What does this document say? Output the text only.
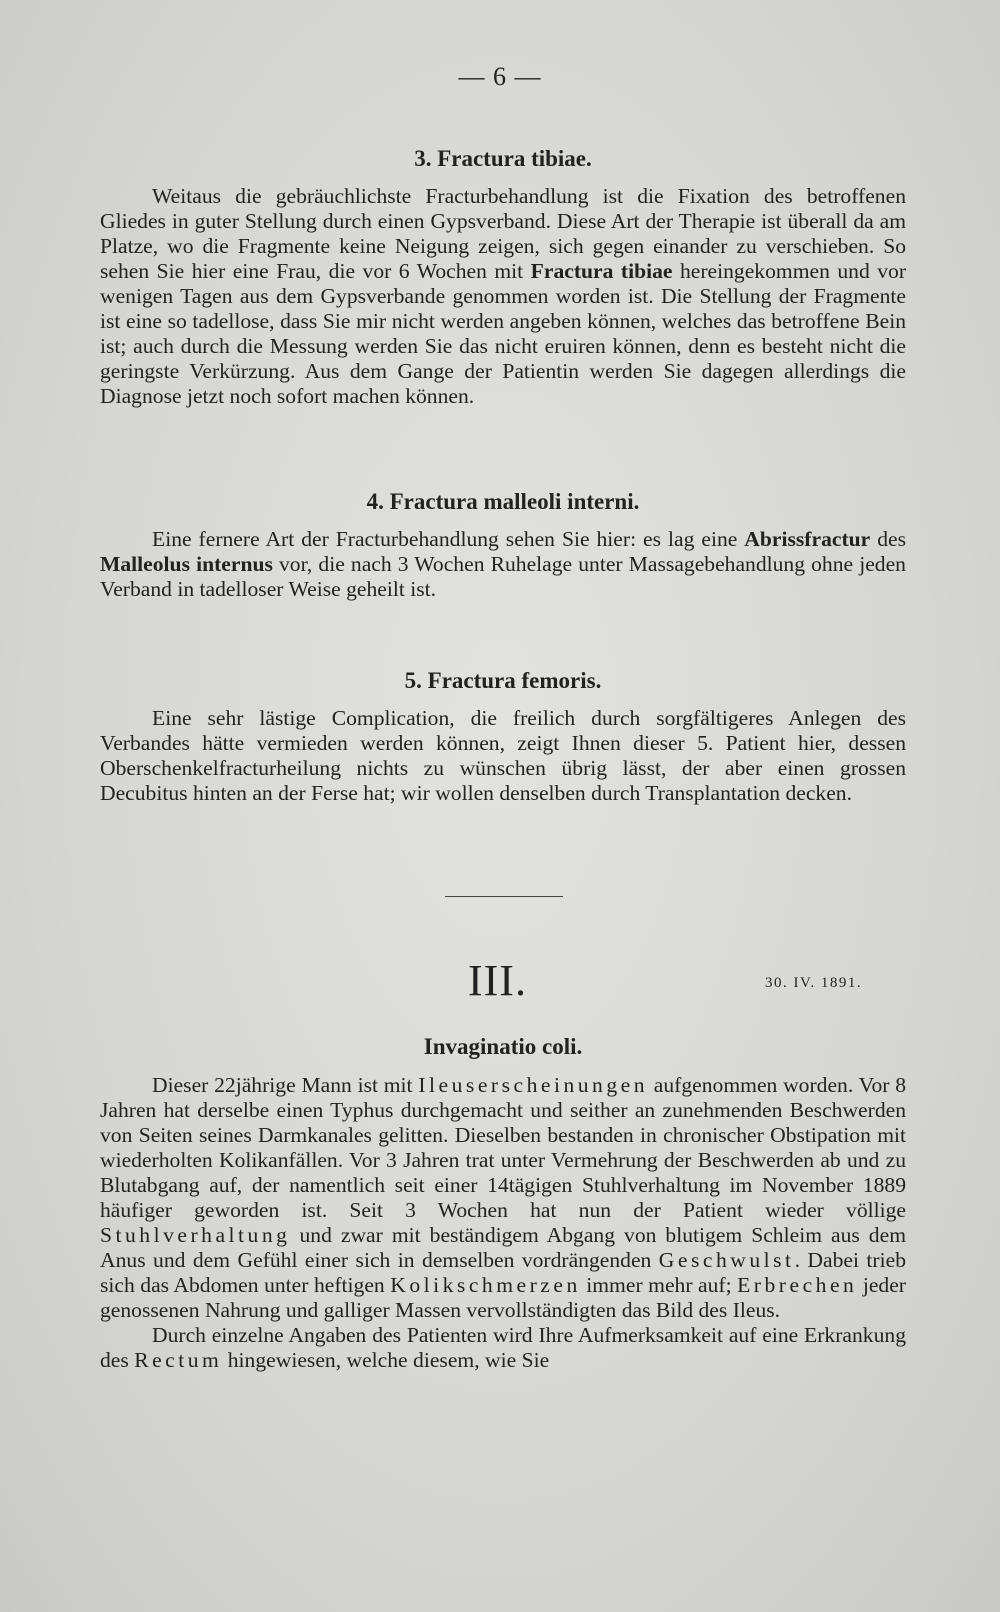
— 6 —
3. Fractura tibiae.

Weitaus die gebräuchlichste Fracturbehandlung ist die Fixation des betroffenen Gliedes in guter Stellung durch einen Gypsverband. Diese Art der Therapie ist überall da am Platze, wo die Fragmente keine Neigung zeigen, sich gegen einander zu verschieben. So sehen Sie hier eine Frau, die vor 6 Wochen mit Fractura tibiae hereingekommen und vor wenigen Tagen aus dem Gypsverbande genommen worden ist. Die Stellung der Fragmente ist eine so tadellose, dass Sie mir nicht werden angeben können, welches das betroffene Bein ist; auch durch die Messung werden Sie das nicht eruiren können, denn es besteht nicht die geringste Verkürzung. Aus dem Gange der Patientin werden Sie dagegen allerdings die Diagnose jetzt noch sofort machen können.

4. Fractura malleoli interni.

Eine fernere Art der Fracturbehandlung sehen Sie hier: es lag eine Abrissfractur des Malleolus internus vor, die nach 3 Wochen Ruhelage unter Massagebehandlung ohne jeden Verband in tadelloser Weise geheilt ist.

5. Fractura femoris.

Eine sehr lästige Complication, die freilich durch sorgfältigeres Anlegen des Verbandes hätte vermieden werden können, zeigt Ihnen dieser 5. Patient hier, dessen Oberschenkelfracturheilung nichts zu wünschen übrig lässt, der aber einen grossen Decubitus hinten an der Ferse hat; wir wollen denselben durch Transplantation decken.

III.	30. IV. 1891.
Invaginatio coli.

Dieser 22jährige Mann ist mit Ileuserscheinungen aufgenommen worden. Vor 8 Jahren hat derselbe einen Typhus durchgemacht und seither an zunehmenden Beschwerden von Seiten seines Darmkanales gelitten. Dieselben bestanden in chronischer Obstipation mit wiederholten Kolikanfällen. Vor 3 Jahren trat unter Vermehrung der Beschwerden ab und zu Blutabgang auf, der namentlich seit einer 14tägigen Stuhlverhaltung im November 1889 häufiger geworden ist. Seit 3 Wochen hat nun der Patient wieder völlige Stuhlverhaltung und zwar mit beständigem Abgang von blutigem Schleim aus dem Anus und dem Gefühl einer sich in demselben vordrängenden Geschwulst. Dabei trieb sich das Abdomen unter heftigen Kolikschmerzen immer mehr auf; Erbrechen jeder genossenen Nahrung und galliger Massen vervollständigten das Bild des Ileus.

Durch einzelne Angaben des Patienten wird Ihre Aufmerksamkeit auf eine Erkrankung des Rectum hingewiesen, welche diesem, wie Sie
